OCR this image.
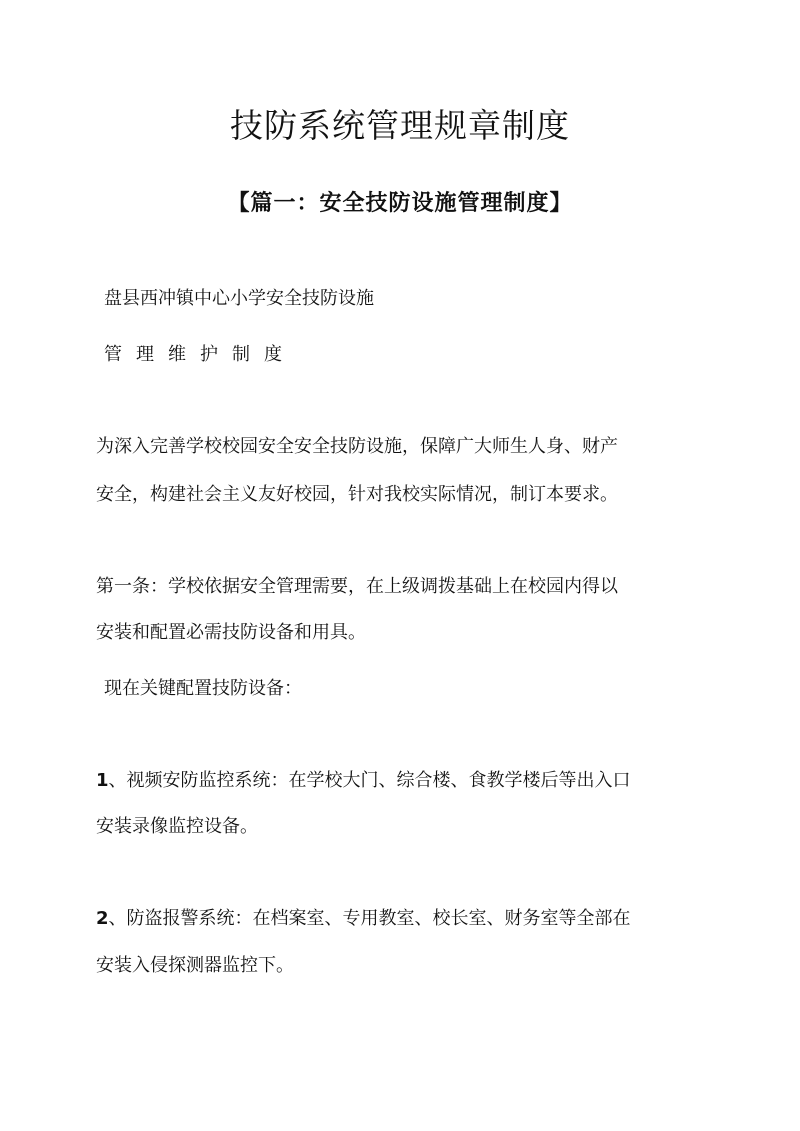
技防系统管理规章制度
【篇一：安全技防设施管理制度】

盘县西冲镇中心小学安全技防设施

管理维护制度

为深入完善学校校园安全安全技防设施，保障广大师生人身、财产

安全，构建社会主义友好校园，针对我校实际情况，制订本要求。

第一条：学校依据安全管理需要，在上级调拨基础上在校园内得以

安装和配置必需技防设备和用具。

现在关键配置技防设备：

1、视频安防监控系统：在学校大门、综合楼、食教学楼后等出入口

安装录像监控设备。

2、防盗报警系统：在档案室、专用教室、校长室、财务室等全部在

安装入侵探测器监控下。
